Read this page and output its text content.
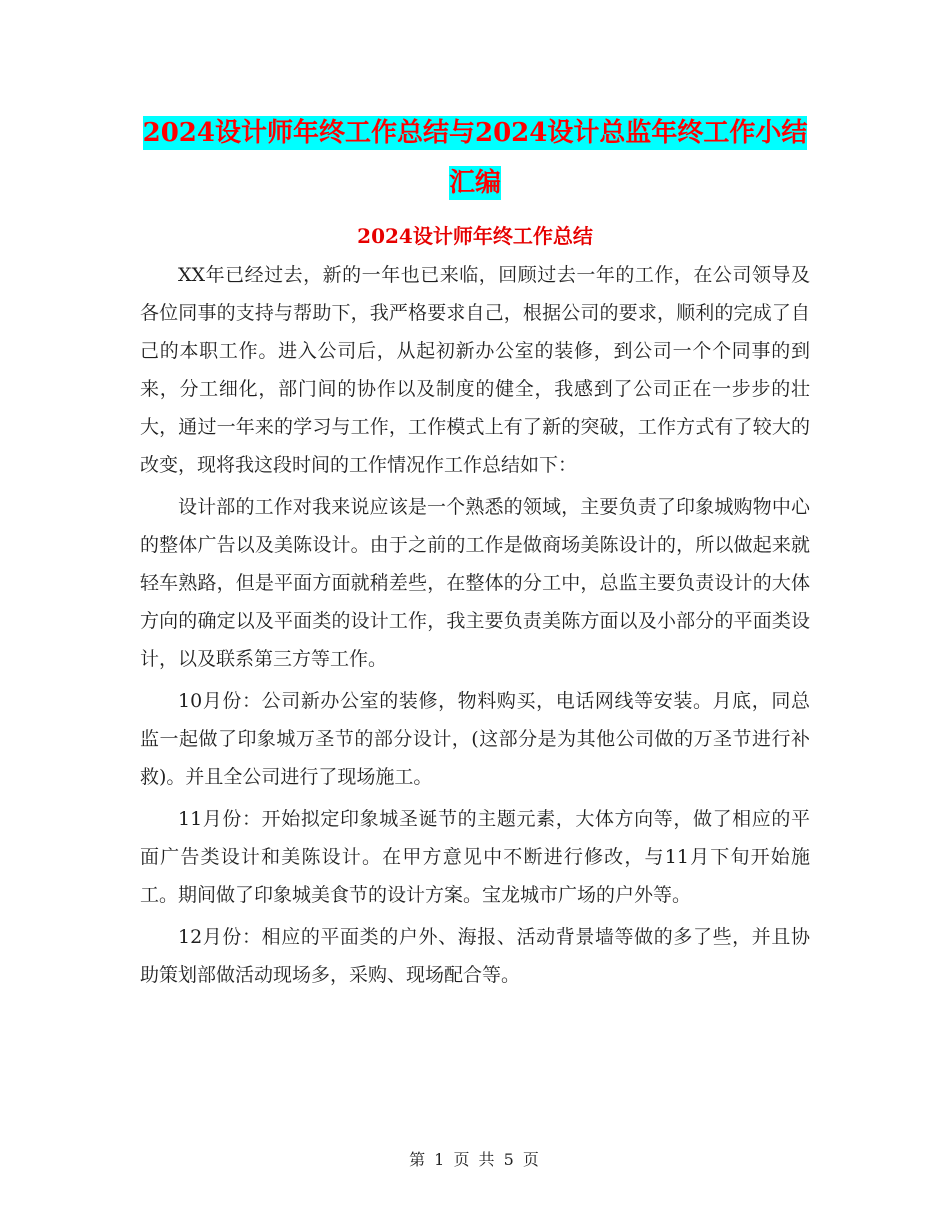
2024设计师年终工作总结与2024设计总监年终工作小结汇编
2024设计师年终工作总结

XX年已经过去，新的一年也已来临，回顾过去一年的工作，在公司领导及各位同事的支持与帮助下，我严格要求自己，根据公司的要求，顺利的完成了自己的本职工作。进入公司后，从起初新办公室的装修，到公司一个个同事的到来，分工细化，部门间的协作以及制度的健全，我感到了公司正在一步步的壮大，通过一年来的学习与工作，工作模式上有了新的突破，工作方式有了较大的改变，现将我这段时间的工作情况作工作总结如下：

设计部的工作对我来说应该是一个熟悉的领域，主要负责了印象城购物中心的整体广告以及美陈设计。由于之前的工作是做商场美陈设计的，所以做起来就轻车熟路，但是平面方面就稍差些，在整体的分工中，总监主要负责设计的大体方向的确定以及平面类的设计工作，我主要负责美陈方面以及小部分的平面类设计，以及联系第三方等工作。

10月份：公司新办公室的装修，物料购买，电话网线等安装。月底，同总监一起做了印象城万圣节的部分设计，(这部分是为其他公司做的万圣节进行补救)。并且全公司进行了现场施工。

11月份：开始拟定印象城圣诞节的主题元素，大体方向等，做了相应的平面广告类设计和美陈设计。在甲方意见中不断进行修改，与11月下旬开始施工。期间做了印象城美食节的设计方案。宝龙城市广场的户外等。

12月份：相应的平面类的户外、海报、活动背景墙等做的多了些，并且协助策划部做活动现场多，采购、现场配合等。

第 1 页 共 5 页
